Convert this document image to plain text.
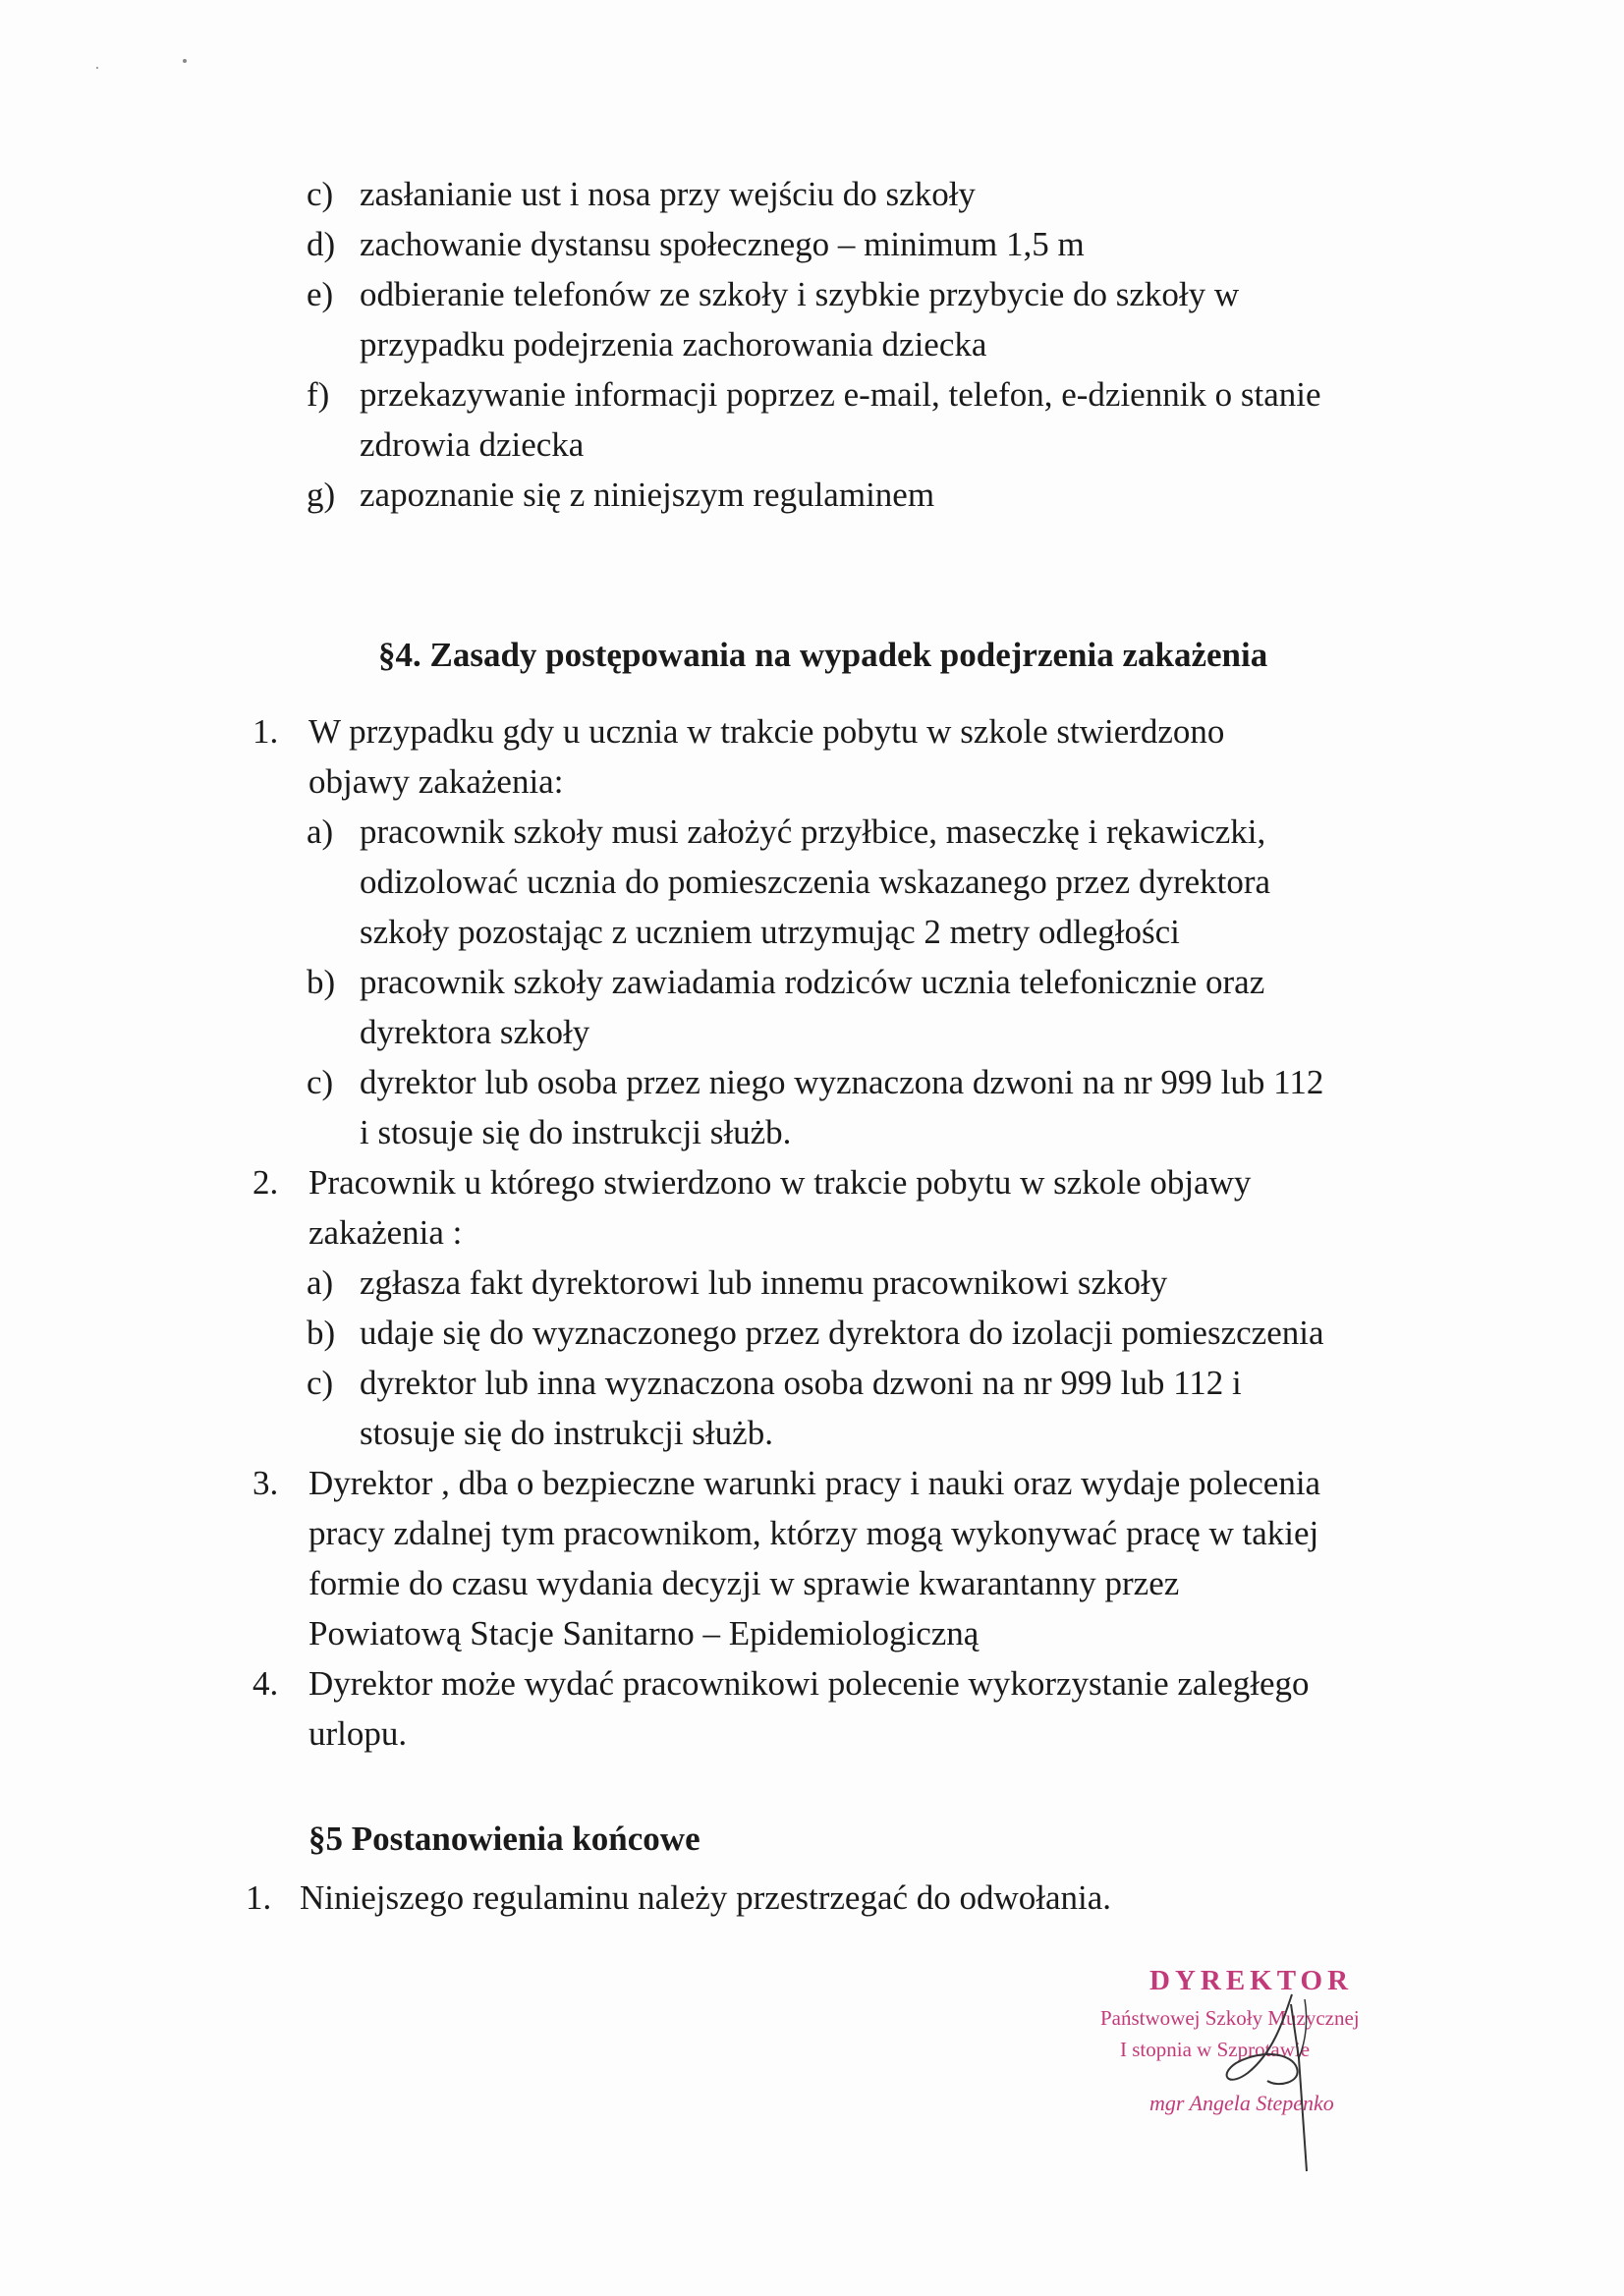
c) zasłanianie ust i nosa przy wejściu do szkoły
d) zachowanie dystansu społecznego – minimum 1,5 m
e) odbieranie telefonów ze szkoły i szybkie przybycie do szkoły w
przypadku podejrzenia zachorowania dziecka
f) przekazywanie informacji poprzez e-mail, telefon, e-dziennik o stanie
zdrowia dziecka
g) zapoznanie się z niniejszym regulaminem
§4. Zasady postępowania na wypadek podejrzenia zakażenia
1. W przypadku gdy u ucznia w trakcie pobytu w szkole stwierdzono
objawy zakażenia:
a) pracownik szkoły musi założyć przyłbice, maseczkę i rękawiczki,
odizolować ucznia do pomieszczenia wskazanego przez dyrektora
szkoły pozostając z uczniem utrzymując 2 metry odległości
b) pracownik szkoły zawiadamia rodziców ucznia telefonicznie oraz
dyrektora szkoły
c) dyrektor lub osoba przez niego wyznaczona dzwoni na nr 999 lub 112
i stosuje się do instrukcji służb.
2. Pracownik u którego stwierdzono w trakcie pobytu w szkole objawy
zakażenia :
a) zgłasza fakt dyrektorowi lub innemu pracownikowi szkoły
b) udaje się do wyznaczonego przez dyrektora do izolacji pomieszczenia
c) dyrektor lub inna wyznaczona osoba dzwoni na nr 999 lub 112 i
stosuje się do instrukcji służb.
3. Dyrektor , dba o bezpieczne warunki pracy i nauki oraz wydaje polecenia
pracy zdalnej tym pracownikom, którzy mogą wykonywać pracę w takiej
formie do czasu wydania decyzji w sprawie kwarantanny przez
Powiatową Stacje Sanitarno – Epidemiologiczną
4. Dyrektor może wydać pracownikowi polecenie wykorzystanie zaległego
urlopu.
§5 Postanowienia końcowe
1. Niniejszego regulaminu należy przestrzegać do odwołania.
DYREKTOR
Państwowej Szkoły Muzycznej
I stopnia w Szprotawie
mgr Angela Stepenko
